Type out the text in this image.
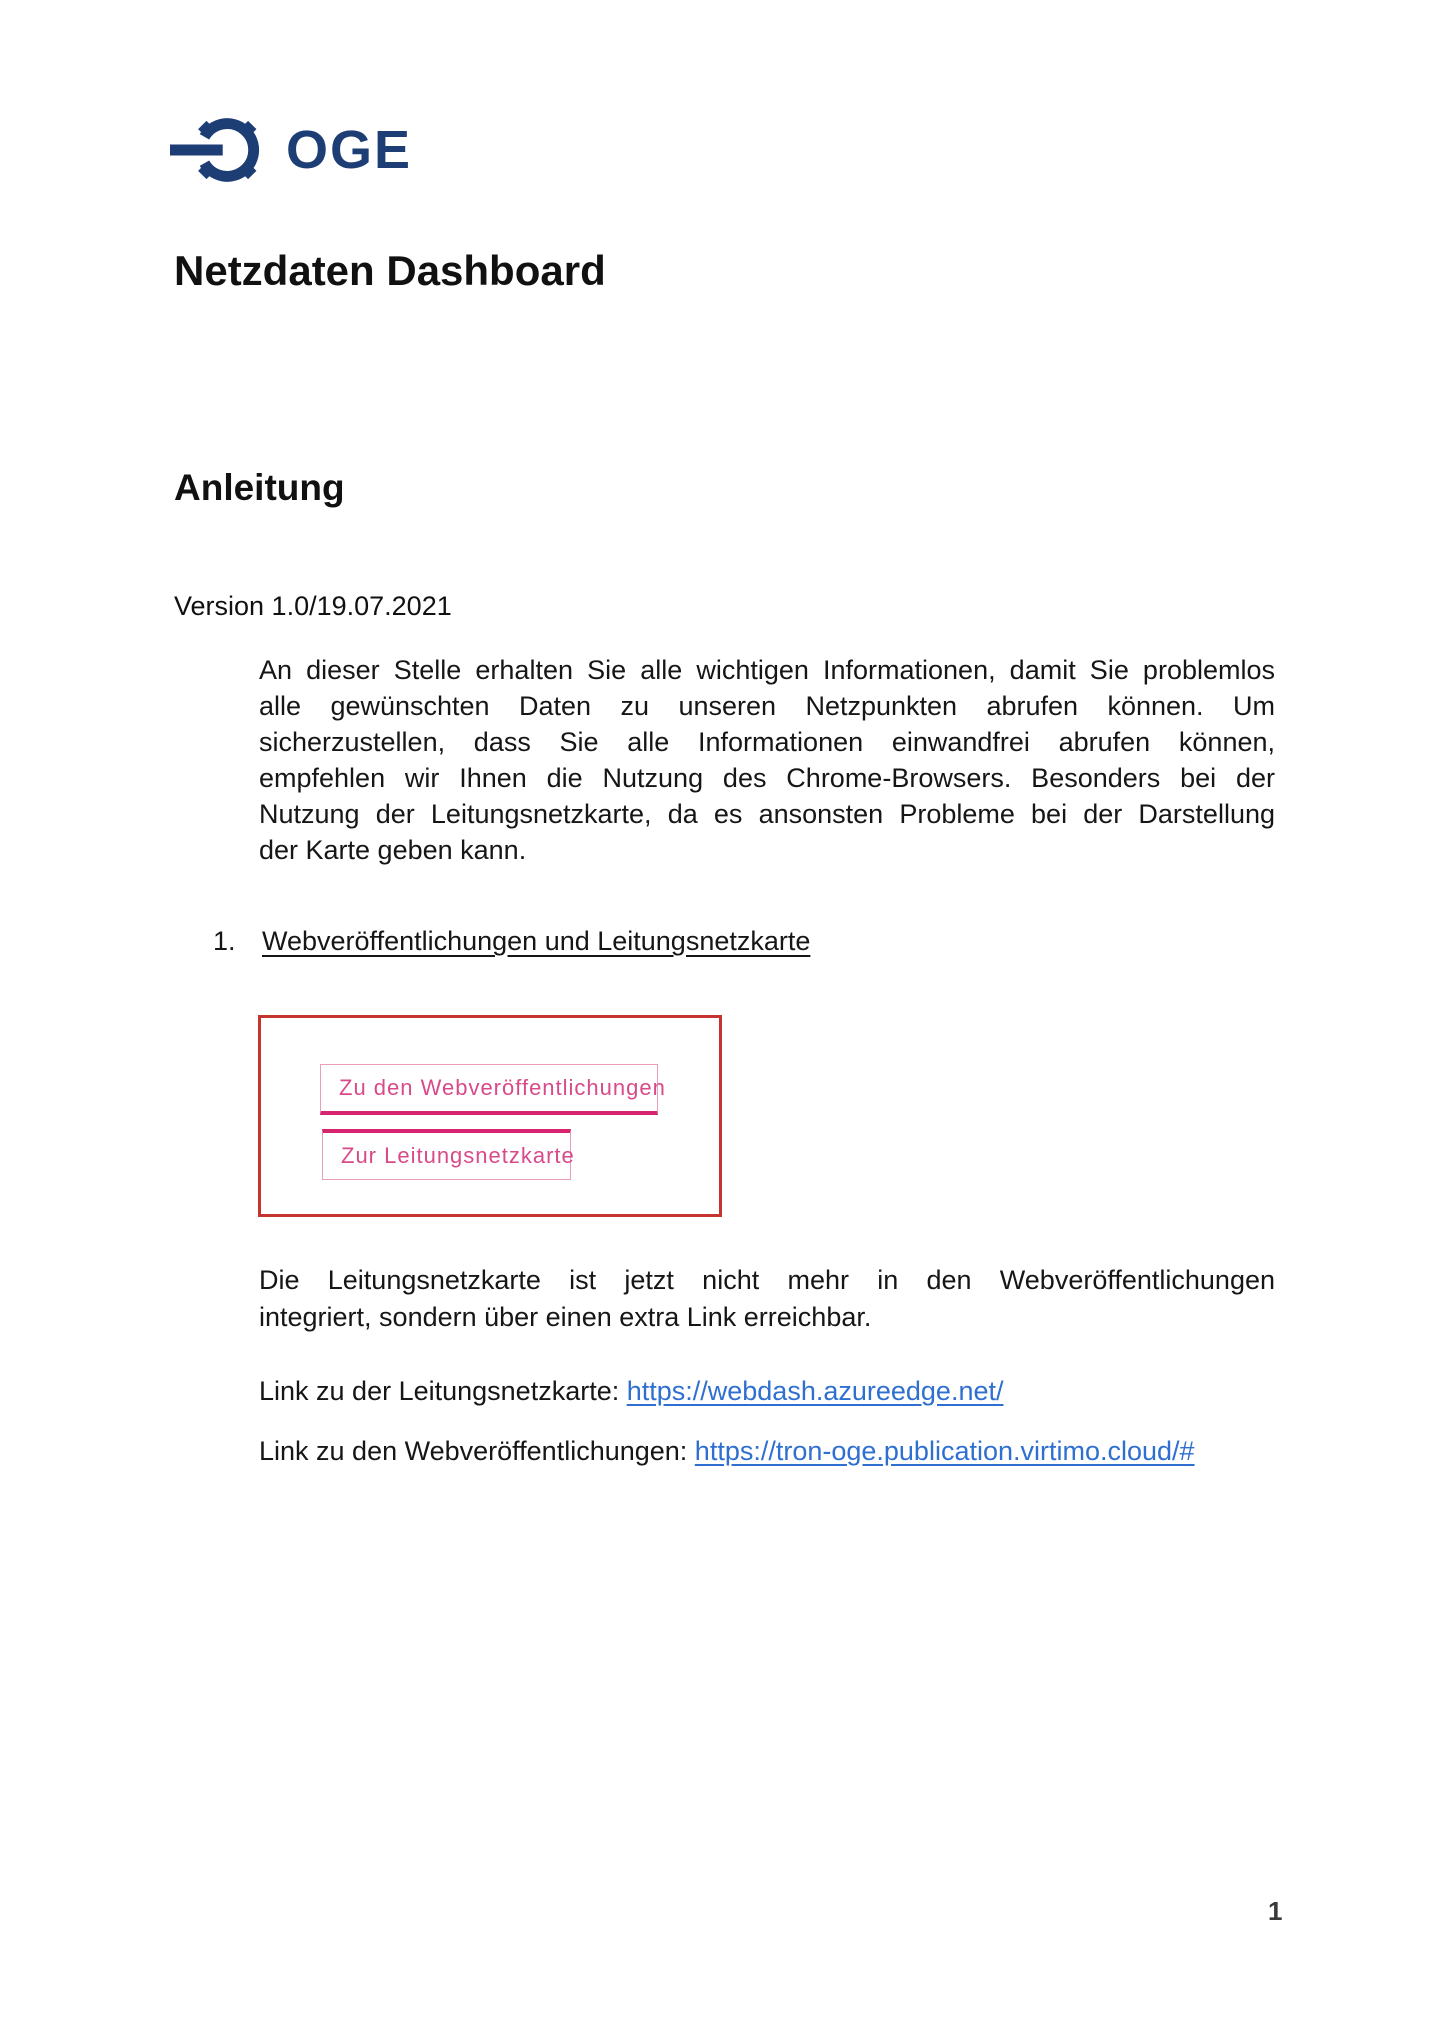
OGE
Netzdaten Dashboard
Anleitung
Version 1.0/19.07.2021
An dieser Stelle erhalten Sie alle wichtigen Informationen, damit Sie problemlos
alle gewünschten Daten zu unseren Netzpunkten abrufen können. Um
sicherzustellen, dass Sie alle Informationen einwandfrei abrufen können,
empfehlen wir Ihnen die Nutzung des Chrome-Browsers. Besonders bei der
Nutzung der Leitungsnetzkarte, da es ansonsten Probleme bei der Darstellung
der Karte geben kann.
1. Webveröffentlichungen und Leitungsnetzkarte
Zu den Webveröffentlichungen
Zur Leitungsnetzkarte
Die Leitungsnetzkarte ist jetzt nicht mehr in den Webveröffentlichungen
integriert, sondern über einen extra Link erreichbar.
Link zu der Leitungsnetzkarte: https://webdash.azureedge.net/
Link zu den Webveröffentlichungen: https://tron-oge.publication.virtimo.cloud/#
1
